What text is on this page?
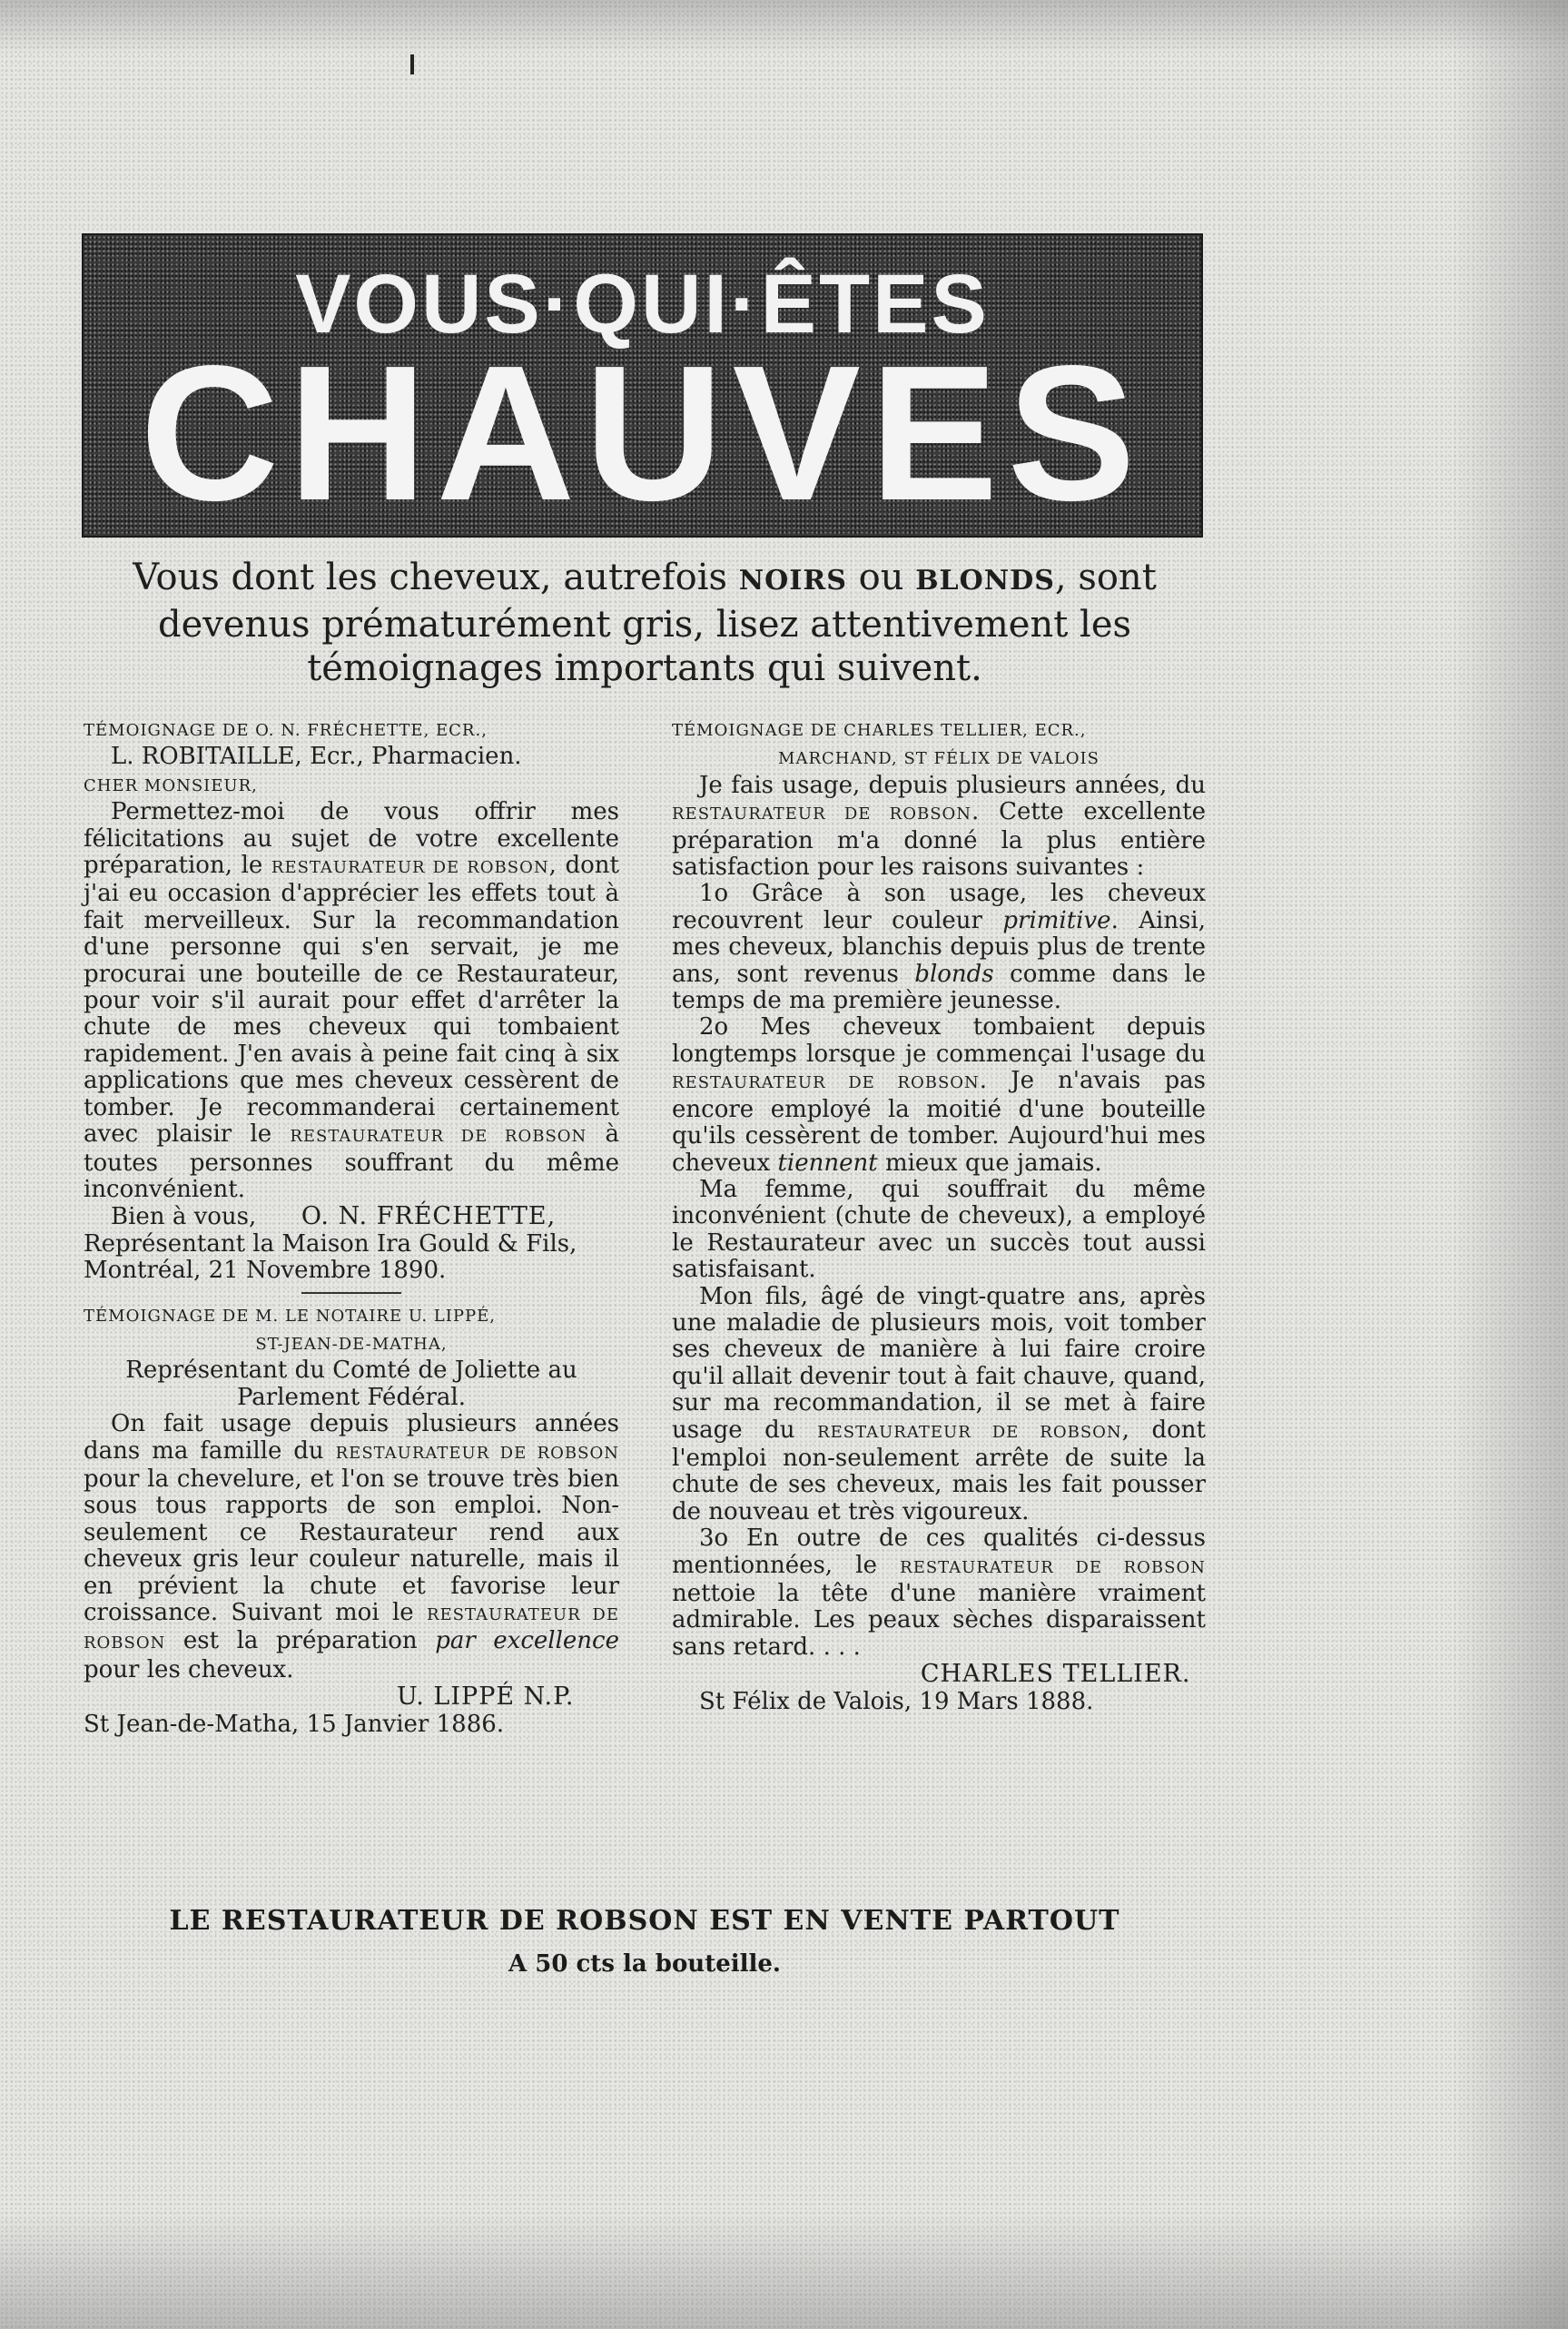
VOUS·QUI·ÊTES
CHAUVES
Vous dont les cheveux, autrefois NOIRS ou BLONDS, sont devenus prématurément gris, lisez attentivement les témoignages importants qui suivent.

TÉMOIGNAGE DE O. N. FRÉCHETTE, ECR.,

L. ROBITAILLE, Ecr., Pharmacien.

CHER MONSIEUR,

Permettez-moi de vous offrir mes félicitations au sujet de votre excellente préparation, le RESTAURATEUR DE ROBSON, dont j'ai eu occasion d'apprécier les effets tout à fait merveilleux. Sur la recommandation d'une personne qui s'en servait, je me procurai une bouteille de ce Restaurateur, pour voir s'il aurait pour effet d'arrêter la chute de mes cheveux qui tombaient rapidement. J'en avais à peine fait cinq à six applications que mes cheveux cessèrent de tomber. Je recommanderai certainement avec plaisir le RESTAURATEUR DE ROBSON à toutes personnes souffrant du même inconvénient.

Bien à vous, O. N. FRÉCHETTE,

Représentant la Maison Ira Gould & Fils,

Montréal, 21 Novembre 1890.

TÉMOIGNAGE DE M. LE NOTAIRE U. LIPPÉ,

ST-JEAN-DE-MATHA,

Représentant du Comté de Joliette au

Parlement Fédéral.

On fait usage depuis plusieurs années dans ma famille du RESTAURATEUR DE ROBSON pour la chevelure, et l'on se trouve très bien sous tous rapports de son emploi. Non-seulement ce Restaurateur rend aux cheveux gris leur couleur naturelle, mais il en prévient la chute et favorise leur croissance. Suivant moi le RESTAURATEUR DE ROBSON est la préparation par excellence pour les cheveux.

U. LIPPÉ N.P.

St Jean-de-Matha, 15 Janvier 1886.

TÉMOIGNAGE DE CHARLES TELLIER, ECR.,

MARCHAND, ST FÉLIX DE VALOIS

Je fais usage, depuis plusieurs années, du RESTAURATEUR DE ROBSON. Cette excellente préparation m'a donné la plus entière satisfaction pour les raisons suivantes :

1o Grâce à son usage, les cheveux recouvrent leur couleur primitive. Ainsi, mes cheveux, blanchis depuis plus de trente ans, sont revenus blonds comme dans le temps de ma première jeunesse.

2o Mes cheveux tombaient depuis longtemps lorsque je commençai l'usage du RESTAURATEUR DE ROBSON. Je n'avais pas encore employé la moitié d'une bouteille qu'ils cessèrent de tomber. Aujourd'hui mes cheveux tiennent mieux que jamais.

Ma femme, qui souffrait du même inconvénient (chute de cheveux), a employé le Restaurateur avec un succès tout aussi satisfaisant.

Mon fils, âgé de vingt-quatre ans, après une maladie de plusieurs mois, voit tomber ses cheveux de manière à lui faire croire qu'il allait devenir tout à fait chauve, quand, sur ma recommandation, il se met à faire usage du RESTAURATEUR DE ROBSON, dont l'emploi non-seulement arrête de suite la chute de ses cheveux, mais les fait pousser de nouveau et très vigoureux.

3o En outre de ces qualités ci-dessus mentionnées, le RESTAURATEUR DE ROBSON nettoie la tête d'une manière vraiment admirable. Les peaux sèches disparaissent sans retard. . . .

CHARLES TELLIER.

St Félix de Valois, 19 Mars 1888.

LE RESTAURATEUR DE ROBSON EST EN VENTE PARTOUT
A 50 cts la bouteille.
